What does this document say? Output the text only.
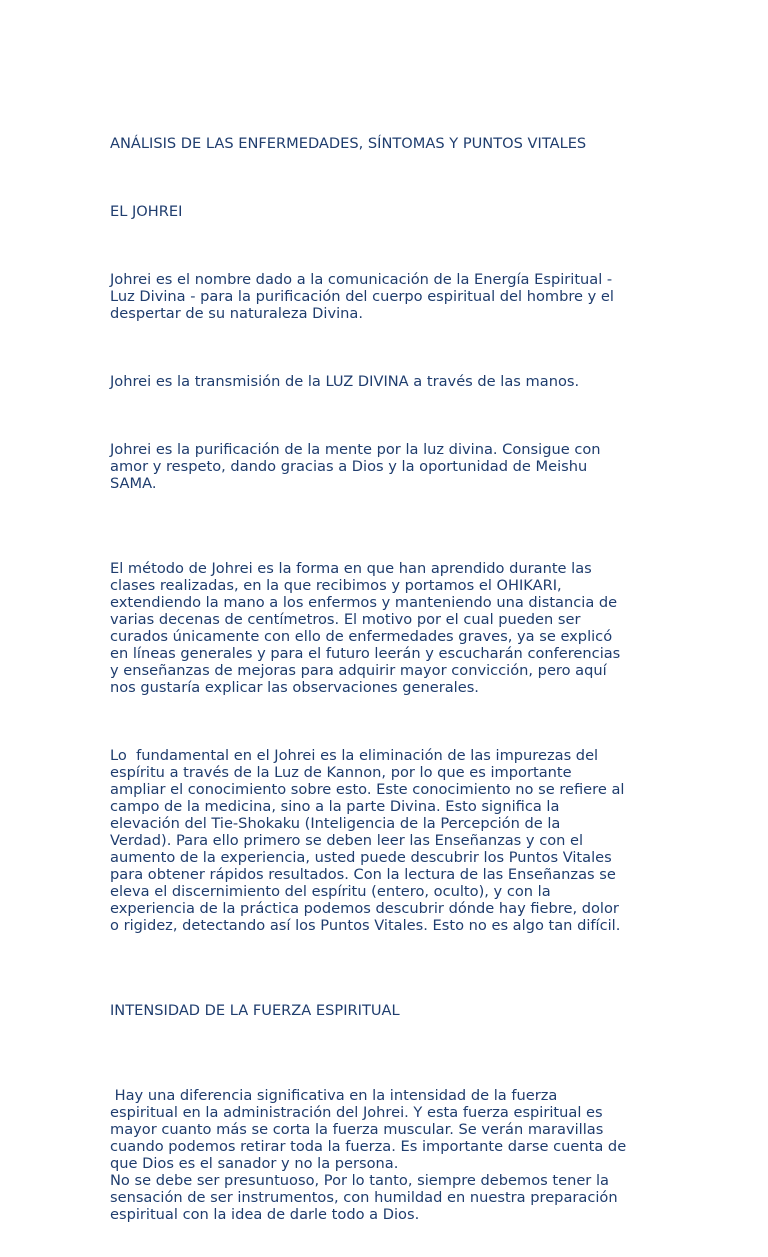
ANÁLISIS DE LAS ENFERMEDADES, SÍNTOMAS Y PUNTOS VITALES

EL JOHREI

Johrei es el nombre dado a la comunicación de la Energía Espiritual -
Luz Divina - para la purificación del cuerpo espiritual del hombre y el
despertar de su naturaleza Divina.

Johrei es la transmisión de la LUZ DIVINA a través de las manos.

Johrei es la purificación de la mente por la luz divina. Consigue con
amor y respeto, dando gracias a Dios y la oportunidad de Meishu
SAMA.

El método de Johrei es la forma en que han aprendido durante las
clases realizadas, en la que recibimos y portamos el OHIKARI,
extendiendo la mano a los enfermos y manteniendo una distancia de
varias decenas de centímetros. El motivo por el cual pueden ser
curados únicamente con ello de enfermedades graves, ya se explicó
en líneas generales y para el futuro leerán y escucharán conferencias
y enseñanzas de mejoras para adquirir mayor convicción, pero aquí
nos gustaría explicar las observaciones generales.

Lo  fundamental en el Johrei es la eliminación de las impurezas del
espíritu a través de la Luz de Kannon, por lo que es importante
ampliar el conocimiento sobre esto. Este conocimiento no se refiere al
campo de la medicina, sino a la parte Divina. Esto significa la
elevación del Tie-Shokaku (Inteligencia de la Percepción de la
Verdad). Para ello primero se deben leer las Enseñanzas y con el
aumento de la experiencia, usted puede descubrir los Puntos Vitales
para obtener rápidos resultados. Con la lectura de las Enseñanzas se
eleva el discernimiento del espíritu (entero, oculto), y con la
experiencia de la práctica podemos descubrir dónde hay fiebre, dolor
o rigidez, detectando así los Puntos Vitales. Esto no es algo tan difícil.

INTENSIDAD DE LA FUERZA ESPIRITUAL

Hay una diferencia significativa en la intensidad de la fuerza
espiritual en la administración del Johrei. Y esta fuerza espiritual es
mayor cuanto más se corta la fuerza muscular. Se verán maravillas
cuando podemos retirar toda la fuerza. Es importante darse cuenta de
que Dios es el sanador y no la persona.
No se debe ser presuntuoso, Por lo tanto, siempre debemos tener la
sensación de ser instrumentos, con humildad en nuestra preparación
espiritual con la idea de darle todo a Dios.
